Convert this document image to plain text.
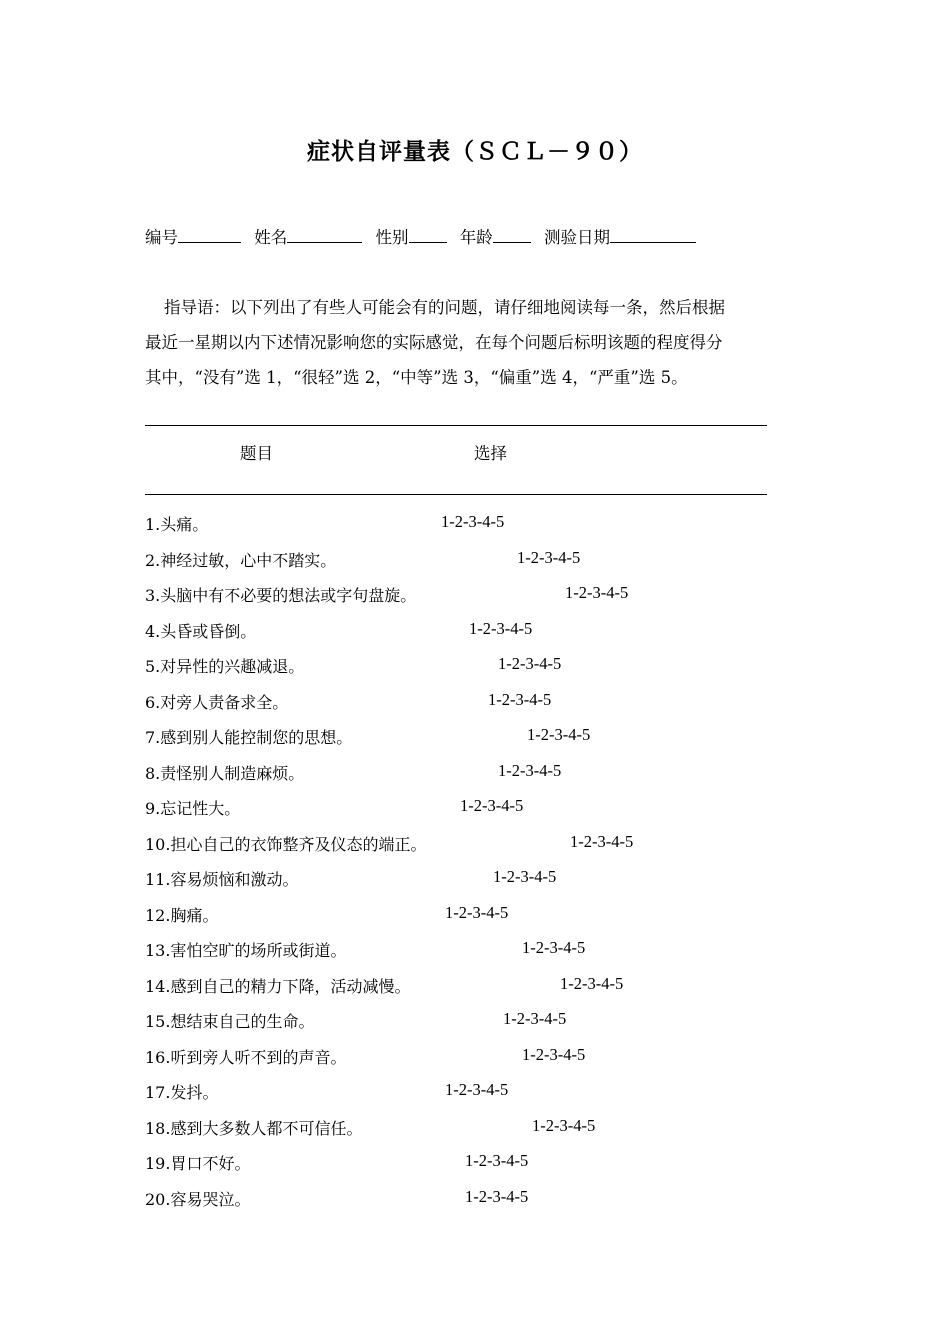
症状自评量表（ＳＣＬ－９０）
编号	姓名	性别	年龄	测验日期

指导语：以下列出了有些人可能会有的问题，请仔细地阅读每一条，然后根据

最近一星期以内下述情况影响您的实际感觉，在每个问题后标明该题的程度得分

其中，“没有”选 1，“很轻”选 2，“中等”选 3，“偏重”选 4，“严重”选 5。

题目	选择
1.头痛。	1-2-3-4-5
2.神经过敏，心中不踏实。	1-2-3-4-5
3.头脑中有不必要的想法或字句盘旋。	1-2-3-4-5
4.头昏或昏倒。	1-2-3-4-5
5.对异性的兴趣减退。	1-2-3-4-5
6.对旁人责备求全。	1-2-3-4-5
7.感到别人能控制您的思想。	1-2-3-4-5
8.责怪别人制造麻烦。	1-2-3-4-5
9.忘记性大。	1-2-3-4-5
10.担心自己的衣饰整齐及仪态的端正。	1-2-3-4-5
11.容易烦恼和激动。	1-2-3-4-5
12.胸痛。	1-2-3-4-5
13.害怕空旷的场所或街道。	1-2-3-4-5
14.感到自己的精力下降，活动减慢。	1-2-3-4-5
15.想结束自己的生命。	1-2-3-4-5
16.听到旁人听不到的声音。	1-2-3-4-5
17.发抖。	1-2-3-4-5
18.感到大多数人都不可信任。	1-2-3-4-5
19.胃口不好。	1-2-3-4-5
20.容易哭泣。	1-2-3-4-5
